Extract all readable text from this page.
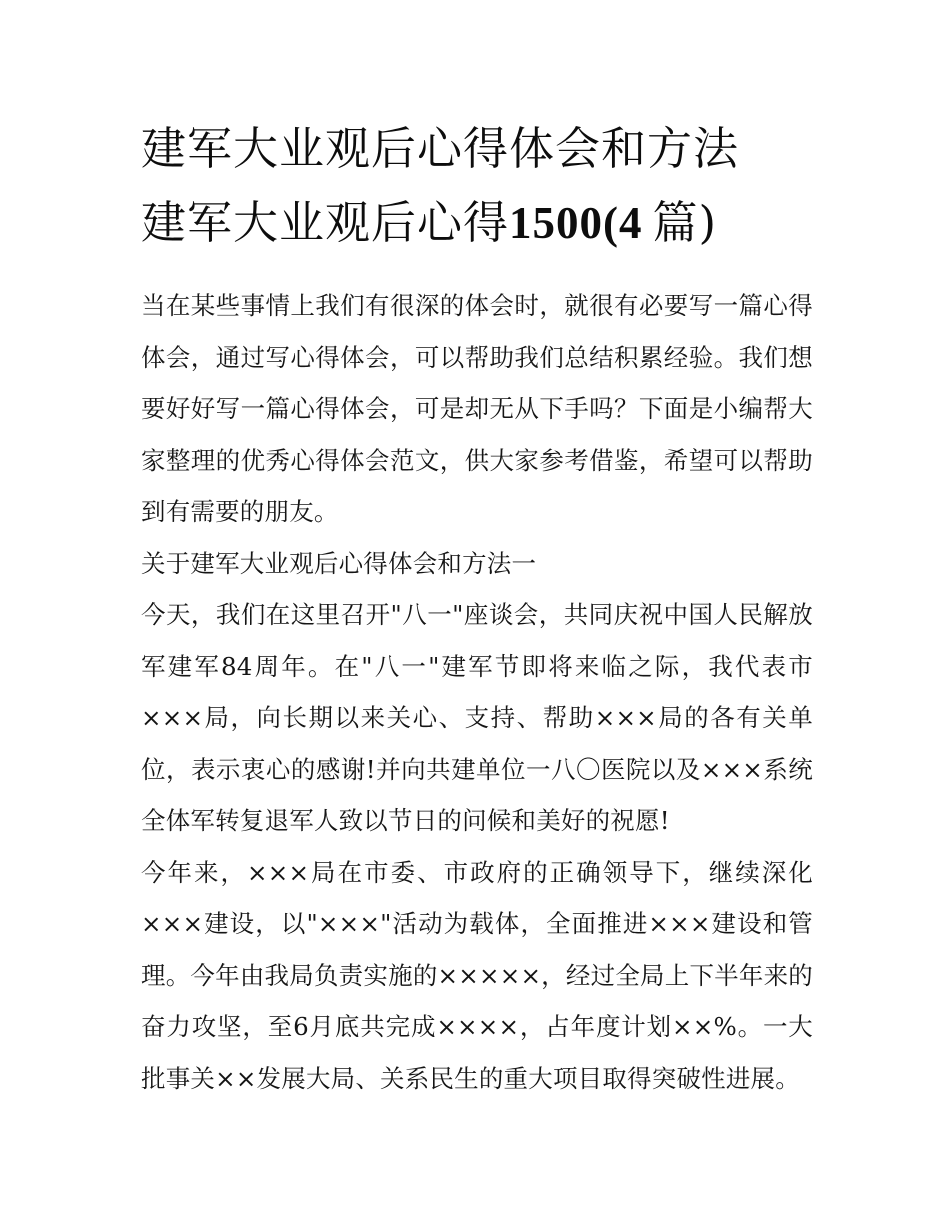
建军大业观后心得体会和方法
建军大业观后心得1500(4  篇)

当在某些事情上我们有很深的体会时，就很有必要写一篇心得体会，通过写心得体会，可以帮助我们总结积累经验。我们想要好好写一篇心得体会，可是却无从下手吗？下面是小编帮大家整理的优秀心得体会范文，供大家参考借鉴，希望可以帮助到有需要的朋友。

关于建军大业观后心得体会和方法一

今天，我们在这里召开"八一"座谈会，共同庆祝中国人民解放军建军84周年。在"八一"建军节即将来临之际，我代表市×××局，向长期以来关心、支持、帮助×××局的各有关单位，表示衷心的感谢!并向共建单位一八〇医院以及×××系统全体军转复退军人致以节日的问候和美好的祝愿!

今年来，×××局在市委、市政府的正确领导下，继续深化×××建设，以"×××"活动为载体，全面推进×××建设和管理。今年由我局负责实施的×××××，经过全局上下半年来的奋力攻坚，至6月底共完成××××，占年度计划××%。一大批事关××发展大局、关系民生的重大项目取得突破性进展。
